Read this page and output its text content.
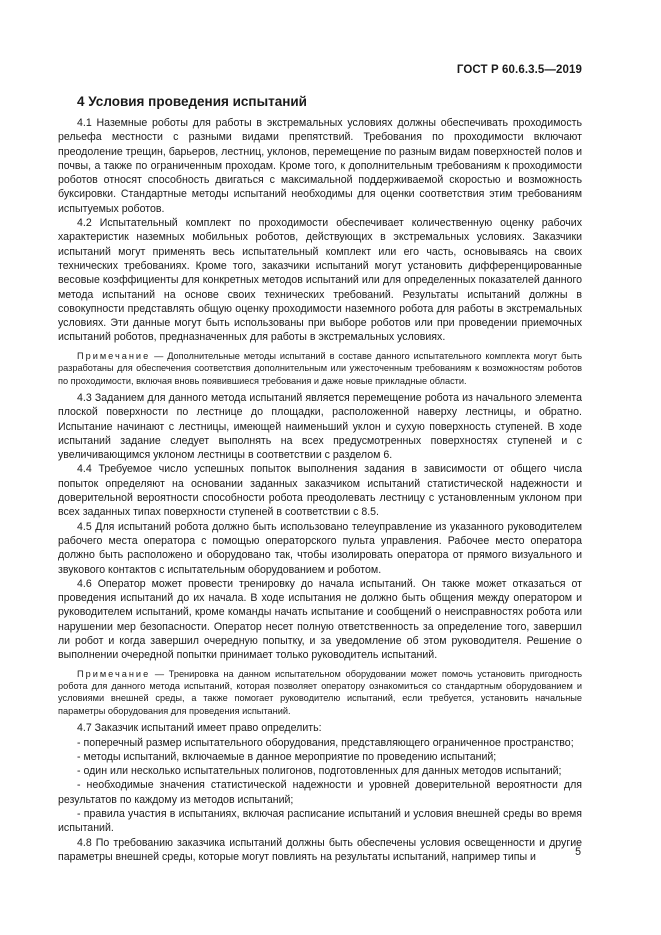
ГОСТ Р 60.6.3.5—2019
4 Условия проведения испытаний

4.1 Наземные роботы для работы в экстремальных условиях должны обеспечивать проходимость рельефа местности с разными видами препятствий. Требования по проходимости включают преодоление трещин, барьеров, лестниц, уклонов, перемещение по разным видам поверхностей полов и почвы, а также по ограниченным проходам. Кроме того, к дополнительным требованиям к проходимости роботов относят способность двигаться с максимальной поддерживаемой скоростью и возможность буксировки. Стандартные методы испытаний необходимы для оценки соответствия этим требованиям испытуемых роботов.

4.2 Испытательный комплект по проходимости обеспечивает количественную оценку рабочих характеристик наземных мобильных роботов, действующих в экстремальных условиях. Заказчики испытаний могут применять весь испытательный комплект или его часть, основываясь на своих технических требованиях. Кроме того, заказчики испытаний могут установить дифференцированные весовые коэффициенты для конкретных методов испытаний или для определенных показателей данного метода испытаний на основе своих технических требований. Результаты испытаний должны в совокупности представлять общую оценку проходимости наземного робота для работы в экстремальных условиях. Эти данные могут быть использованы при выборе роботов или при проведении приемочных испытаний роботов, предназначенных для работы в экстремальных условиях.

Примечание — Дополнительные методы испытаний в составе данного испытательного комплекта могут быть разработаны для обеспечения соответствия дополнительным или ужесточенным требованиям к возможностям роботов по проходимости, включая вновь появившиеся требования и даже новые прикладные области.

4.3 Заданием для данного метода испытаний является перемещение робота из начального элемента плоской поверхности по лестнице до площадки, расположенной наверху лестницы, и обратно. Испытание начинают с лестницы, имеющей наименьший уклон и сухую поверхность ступеней. В ходе испытаний задание следует выполнять на всех предусмотренных поверхностях ступеней и с увеличивающимся уклоном лестницы в соответствии с разделом 6.

4.4 Требуемое число успешных попыток выполнения задания в зависимости от общего числа попыток определяют на основании заданных заказчиком испытаний статистической надежности и доверительной вероятности способности робота преодолевать лестницу с установленным уклоном при всех заданных типах поверхности ступеней в соответствии с 8.5.

4.5 Для испытаний робота должно быть использовано телеуправление из указанного руководителем рабочего места оператора с помощью операторского пульта управления. Рабочее место оператора должно быть расположено и оборудовано так, чтобы изолировать оператора от прямого визуального и звукового контактов с испытательным оборудованием и роботом.

4.6 Оператор может провести тренировку до начала испытаний. Он также может отказаться от проведения испытаний до их начала. В ходе испытания не должно быть общения между оператором и руководителем испытаний, кроме команды начать испытание и сообщений о неисправностях робота или нарушении мер безопасности. Оператор несет полную ответственность за определение того, завершил ли робот и когда завершил очередную попытку, и за уведомление об этом руководителя. Решение о выполнении очередной попытки принимает только руководитель испытаний.

Примечание — Тренировка на данном испытательном оборудовании может помочь установить пригодность робота для данного метода испытаний, которая позволяет оператору ознакомиться со стандартным оборудованием и условиями внешней среды, а также помогает руководителю испытаний, если требуется, установить начальные параметры оборудования для проведения испытаний.

4.7 Заказчик испытаний имеет право определить:

- поперечный размер испытательного оборудования, представляющего ограниченное пространство;

- методы испытаний, включаемые в данное мероприятие по проведению испытаний;

- один или несколько испытательных полигонов, подготовленных для данных методов испытаний;

- необходимые значения статистической надежности и уровней доверительной вероятности для результатов по каждому из методов испытаний;

- правила участия в испытаниях, включая расписание испытаний и условия внешней среды во время испытаний.

4.8 По требованию заказчика испытаний должны быть обеспечены условия освещенности и другие параметры внешней среды, которые могут повлиять на результаты испытаний, например типы и	5
